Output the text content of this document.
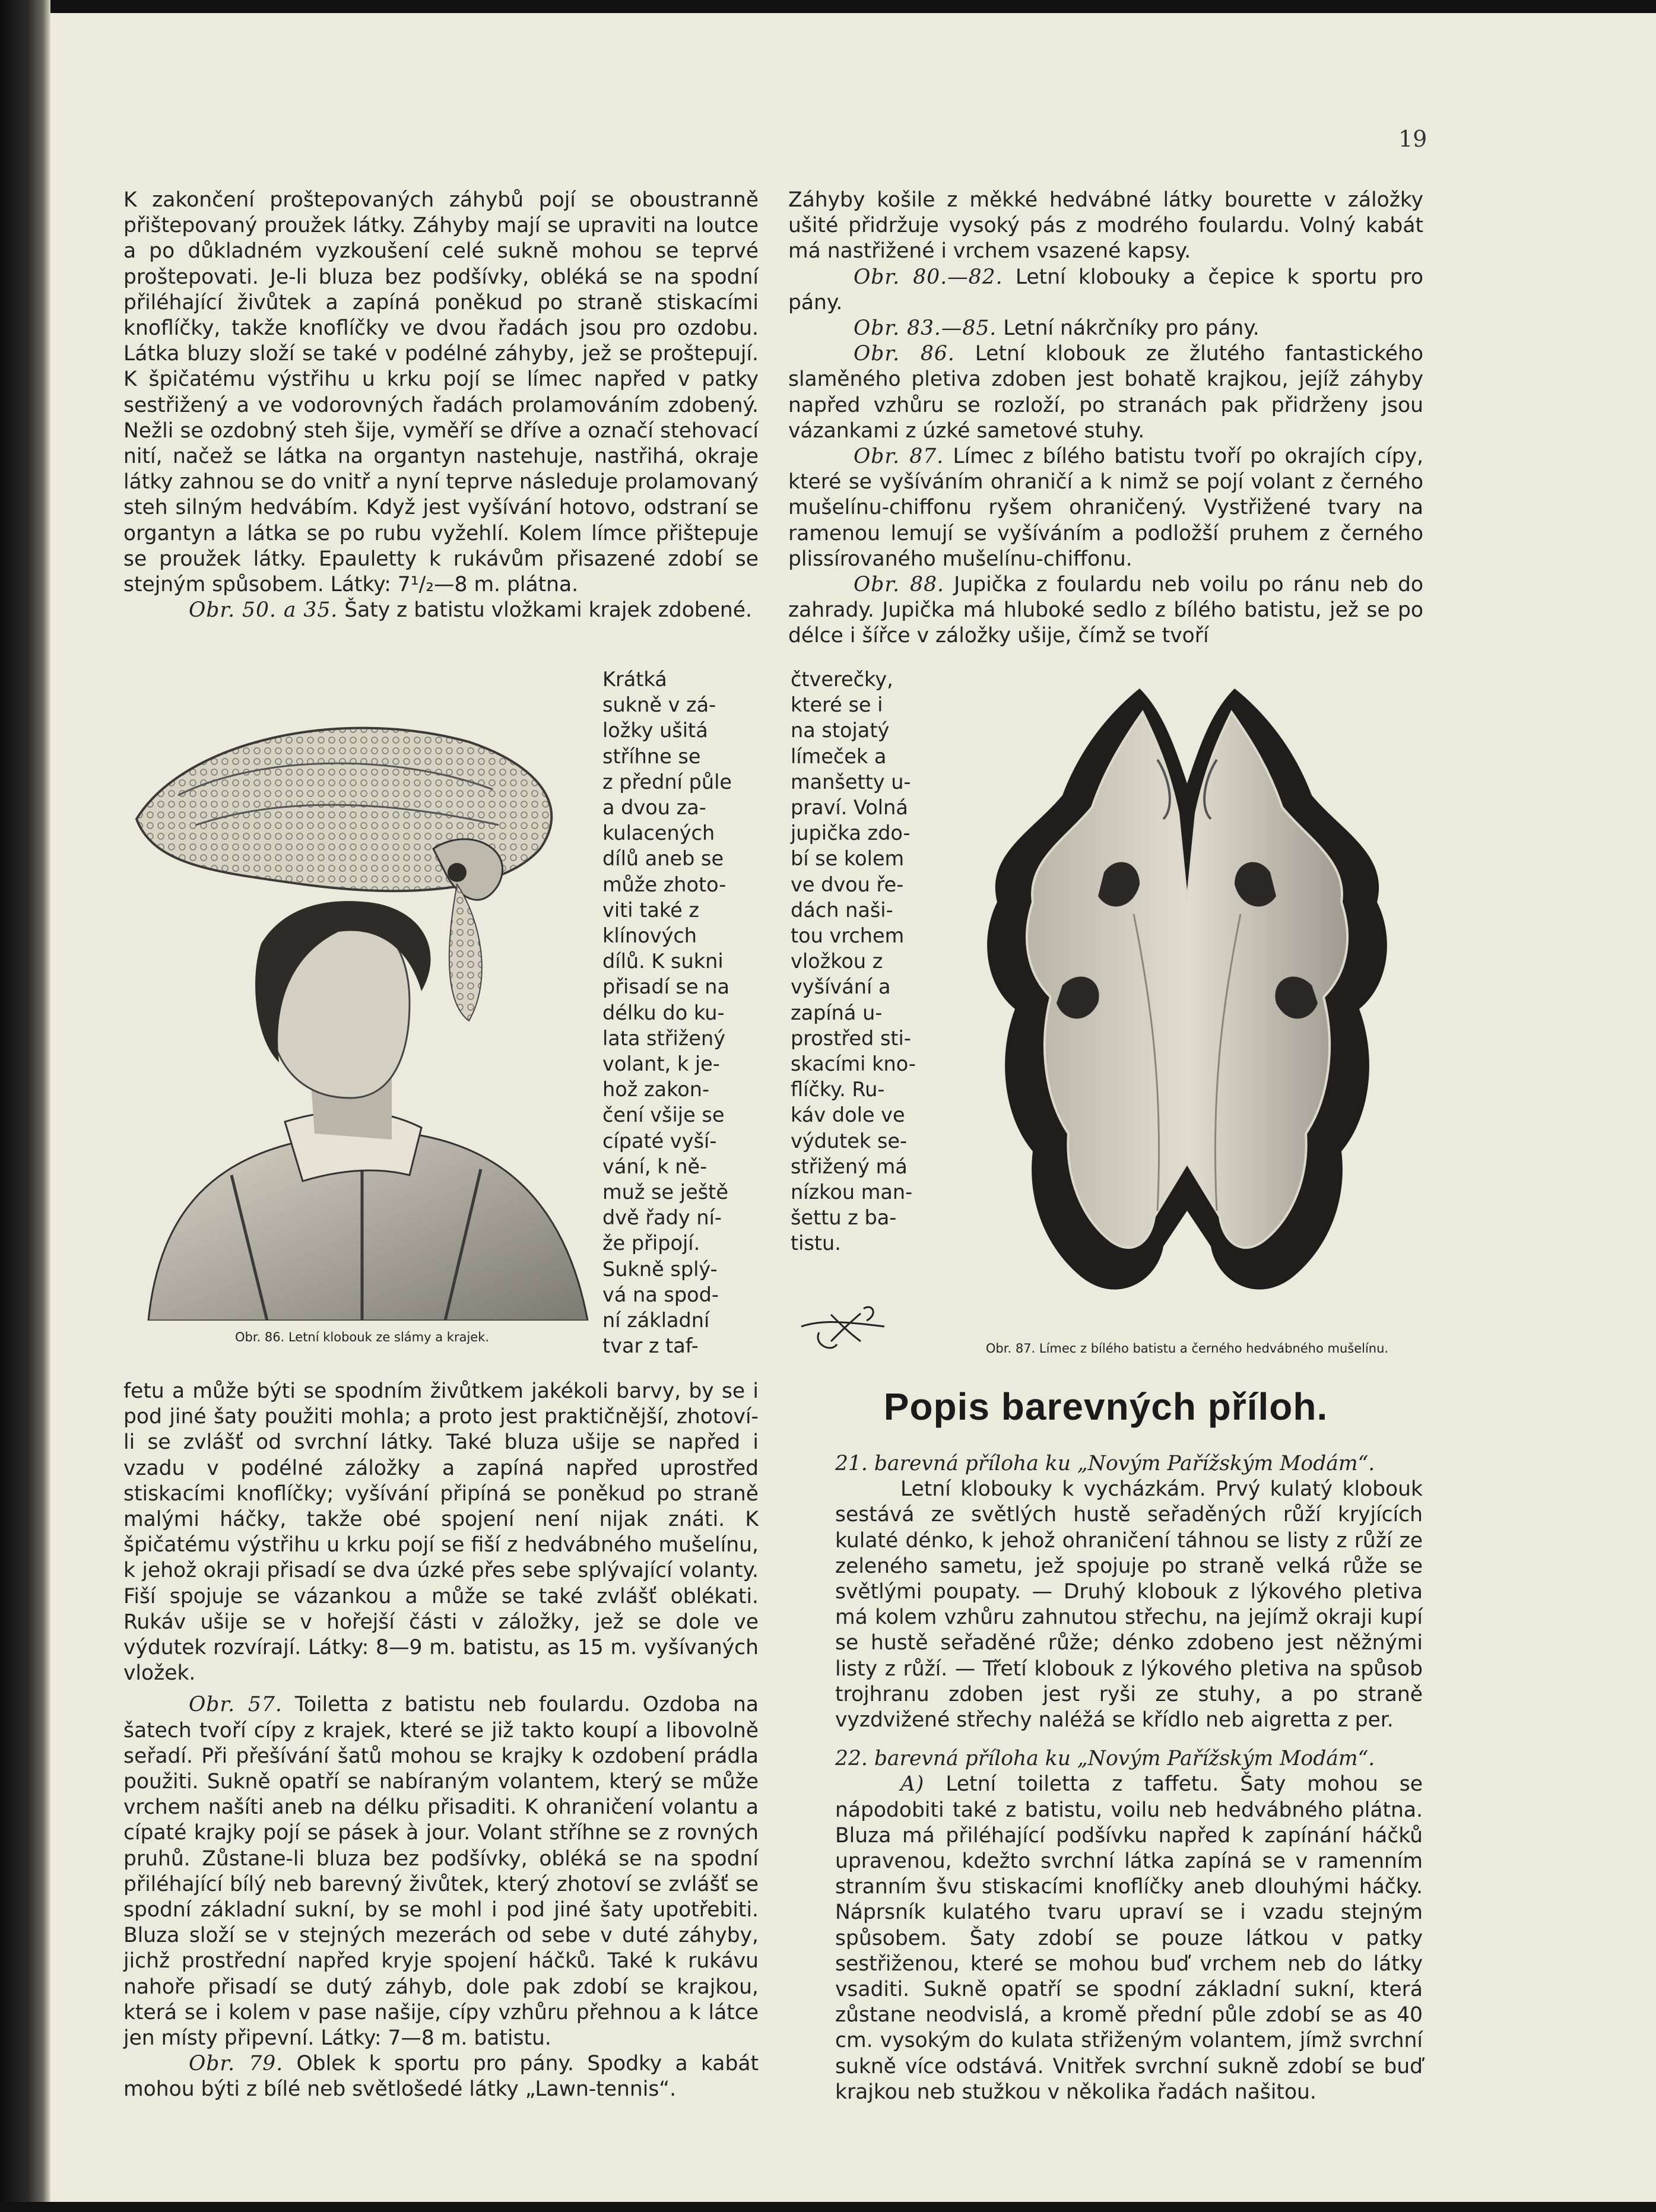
19

K zakončení proštepovaných záhybů pojí se oboustranně přištepovaný proužek látky. Záhyby mají se upraviti na loutce a po důkladném vyzkoušení celé sukně mohou se teprvé proštepovati. Je-li bluza bez podšívky, obléká se na spodní přiléhající živůtek a zapíná poněkud po straně stiskacími knoflíčky, takže knoflíčky ve dvou řadách jsou pro ozdobu. Látka bluzy složí se také v podélné záhyby, jež se proštepují. K špičatému výstřihu u krku pojí se límec napřed v patky sestřižený a ve vodorovných řadách prolamováním zdobený. Nežli se ozdobný steh šije, vyměří se dříve a označí stehovací nití, načež se látka na organtyn nastehuje, nastřihá, okraje látky zahnou se do vnitř a nyní teprve následuje prolamovaný steh silným hedvábím. Když jest vyšívání hotovo, odstraní se organtyn a látka se po rubu vyžehlí. Kolem límce přištepuje se proužek látky. Epauletty k rukávům přisazené zdobí se stejným spůsobem. Látky: 7¹/₂—8 m. plátna.

Obr. 50. a 35. Šaty z batistu vložkami krajek zdobené.

Obr. 86. Letní klobouk ze slámy a krajek.

Krátká

sukně v zá-

ložky ušitá

stříhne se

z přední půle

a dvou za-

kulacených

dílů aneb se

může zhoto-

viti také z

klínových

dílů. K sukni

přisadí se na

délku do ku-

lata střižený

volant, k je-

hož zakon-

čení všije se

cípaté vyší-

vání, k ně-

muž se ještě

dvě řady ní-

že připojí.

Sukně splý-

vá na spod-

ní základní

tvar z taf-

fetu a může býti se spodním živůtkem jakékoli barvy, by se i pod jiné šaty použiti mohla; a proto jest praktičnější, zhotoví-li se zvlášť od svrchní látky. Také bluza ušije se napřed i vzadu v podélné záložky a zapíná napřed uprostřed stiskacími knoflíčky; vyšívání připíná se poněkud po straně malými háčky, takže obé spojení není nijak znáti. K špičatému výstřihu u krku pojí se fiší z hedvábného mušelínu, k jehož okraji přisadí se dva úzké přes sebe splývající volanty. Fiší spojuje se vázankou a může se také zvlášť oblékati. Rukáv ušije se v hořejší části v záložky, jež se dole ve výdutek rozvírají. Látky: 8—9 m. batistu, as 15 m. vyšívaných vložek.

Obr. 57. Toiletta z batistu neb foulardu. Ozdoba na šatech tvoří cípy z krajek, které se již takto koupí a libovolně seřadí. Při přešívání šatů mohou se krajky k ozdobení prádla použiti. Sukně opatří se nabíraným volantem, který se může vrchem našíti aneb na délku přisaditi. K ohraničení volantu a cípaté krajky pojí se pásek à jour. Volant stříhne se z rovných pruhů. Zůstane-li bluza bez podšívky, obléká se na spodní přiléhající bílý neb barevný živůtek, který zhotoví se zvlášť se spodní základní sukní, by se mohl i pod jiné šaty upotřebiti. Bluza složí se v stejných mezerách od sebe v duté záhyby, jichž prostřední napřed kryje spojení háčků. Také k rukávu nahoře přisadí se dutý záhyb, dole pak zdobí se krajkou, která se i kolem v pase našije, cípy vzhůru přehnou a k látce jen místy připevní. Látky: 7—8 m. batistu.

Obr. 79. Oblek k sportu pro pány. Spodky a kabát mohou býti z bílé neb světlošedé látky „Lawn-tennis“.

Záhyby košile z měkké hedvábné látky bourette v záložky ušité přidržuje vysoký pás z modrého foulardu. Volný kabát má nastřižené i vrchem vsazené kapsy.

Obr. 80.—82. Letní klobouky a čepice k sportu pro pány.

Obr. 83.—85. Letní nákrčníky pro pány.

Obr. 86. Letní klobouk ze žlutého fantastického slaměného pletiva zdoben jest bohatě krajkou, jejíž záhyby napřed vzhůru se rozloží, po stranách pak přidrženy jsou vázankami z úzké sametové stuhy.

Obr. 87. Límec z bílého batistu tvoří po okrajích cípy, které se vyšíváním ohraničí a k nimž se pojí volant z černého mušelínu-chiffonu ryšem ohraničený. Vystřižené tvary na ramenou lemují se vyšíváním a podložší pruhem z černého plissírovaného mušelínu-chiffonu.

Obr. 88. Jupička z foulardu neb voilu po ránu neb do zahrady. Jupička má hluboké sedlo z bílého batistu, jež se po délce i šířce v záložky ušije, čímž se tvoří

čtverečky,

které se i

na stojatý

límeček a

manšetty u-

praví. Volná

jupička zdo-

bí se kolem

ve dvou ře-

dách naši-

tou vrchem

vložkou z

vyšívání a

zapíná u-

prostřed sti-

skacími kno-

flíčky. Ru-

káv dole ve

výdutek se-

střižený má

nízkou man-

šettu z ba-

tistu.

Obr. 87. Límec z bílého batistu a černého hedvábného mušelínu.
Popis barevných příloh.

21. barevná příloha ku „Novým Pařížským Modám“.

Letní klobouky k vycházkám. Prvý kulatý klobouk sestává ze světlých hustě seřaděných růží kryjících kulaté dénko, k jehož ohraničení táhnou se listy z růží ze zeleného sametu, jež spojuje po straně velká růže se světlými poupaty. — Druhý klobouk z lýkového pletiva má kolem vzhůru zahnutou střechu, na jejímž okraji kupí se hustě seřaděné růže; dénko zdobeno jest něžnými listy z růží. — Třetí klobouk z lýkového pletiva na spůsob trojhranu zdoben jest ryši ze stuhy, a po straně vyzdvižené střechy naléžá se křídlo neb aigretta z per.

22. barevná příloha ku „Novým Pařížským Modám“.

A) Letní toiletta z taffetu. Šaty mohou se nápodobiti také z batistu, voilu neb hedvábného plátna. Bluza má přiléhající podšívku napřed k zapínání háčků upravenou, kdežto svrchní látka zapíná se v ramenním stranním švu stiskacími knoflíčky aneb dlouhými háčky. Náprsník kulatého tvaru upraví se i vzadu stejným spůsobem. Šaty zdobí se pouze látkou v patky sestřiženou, které se mohou buď vrchem neb do látky vsaditi. Sukně opatří se spodní základní sukní, která zůstane neodvislá, a kromě přední půle zdobí se as 40 cm. vysokým do kulata střiženým volantem, jímž svrchní sukně více odstává. Vnitřek svrchní sukně zdobí se buď krajkou neb stužkou v několika řadách našitou.
